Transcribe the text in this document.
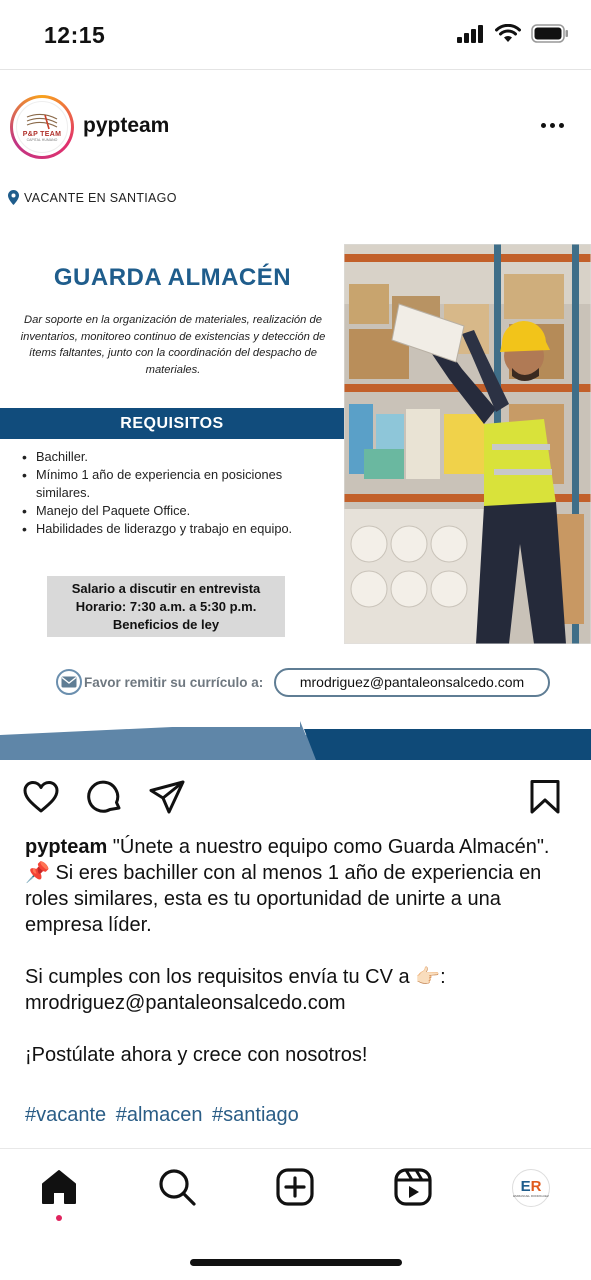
12:15
P&P TEAM
CAPITAL HUMANO
pypteam
VACANTE EN SANTIAGO
GUARDA ALMACÉN
Dar soporte en la organización de materiales, realización de inventarios, monitoreo continuo de existencias y detección de ítems faltantes, junto con la coordinación del despacho de materiales.
REQUISITOS
• Bachiller.
• Mínimo 1 año de experiencia en posiciones similares.
• Manejo del Paquete Office.
• Habilidades de liderazgo y trabajo en equipo.
Salario a discutir en entrevista
Horario: 7:30 a.m. a 5:30 p.m.
Beneficios de ley
Favor remitir su currículo a:	mrodriguez@pantaleonsalcedo.com

pypteam "Únete a nuestro equipo como Guarda Almacén". 📌 Si eres bachiller con al menos 1 año de experiencia en roles similares, esta es tu oportunidad de unirte a una empresa líder.

Si cumples con los requisitos envía tu CV a 👉🏻: mrodriguez@pantaleonsalcedo.com

¡Postúlate ahora y crece con nosotros!

#vacante #almacen #santiago
ER
EMMANUEL RODRIGUEZ
